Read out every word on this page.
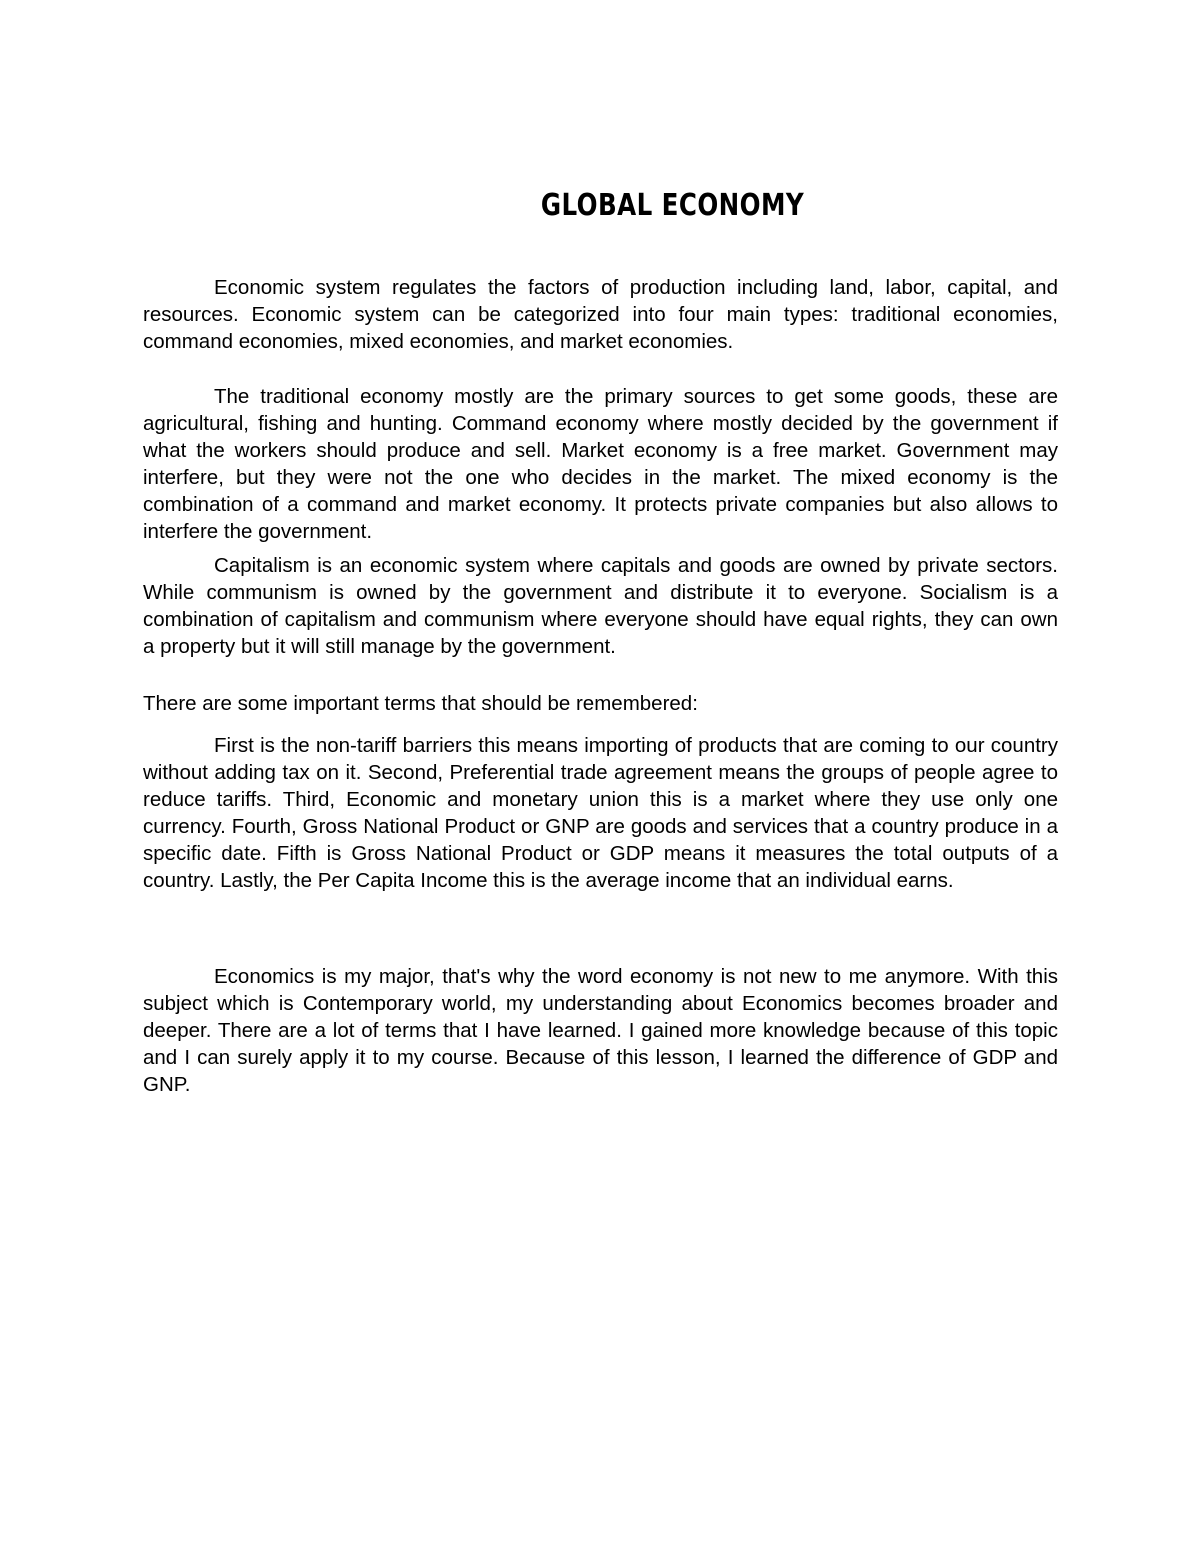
GLOBAL ECONOMY

Economic system regulates the factors of production including land, labor, capital, and resources. Economic system can be categorized into four main types: traditional economies, command economies, mixed economies, and market economies.

The traditional economy mostly are the primary sources to get some goods, these are agricultural, fishing and hunting. Command economy where mostly decided by the government if what the workers should produce and sell. Market economy is a free market. Government may interfere, but they were not the one who decides in the market. The mixed economy is the combination of a command and market economy. It protects private companies but also allows to interfere the government.

Capitalism is an economic system where capitals and goods are owned by private sectors. While communism is owned by the government and distribute it to everyone. Socialism is a combination of capitalism and communism where everyone should have equal rights, they can own a property but it will still manage by the government.

There are some important terms that should be remembered:

First is the non-tariff barriers this means importing of products that are coming to our country without adding tax on it. Second, Preferential trade agreement means the groups of people agree to reduce tariffs. Third, Economic and monetary union this is a market where they use only one currency. Fourth, Gross National Product or GNP are goods and services that a country produce in a specific date. Fifth is Gross National Product or GDP means it measures the total outputs of a country. Lastly, the Per Capita Income this is the average income that an individual earns.

Economics is my major, that's why the word economy is not new to me anymore. With this subject which is Contemporary world, my understanding about Economics becomes broader and deeper. There are a lot of terms that I have learned. I gained more knowledge because of this topic and I can surely apply it to my course. Because of this lesson, I learned the difference of GDP and GNP.
